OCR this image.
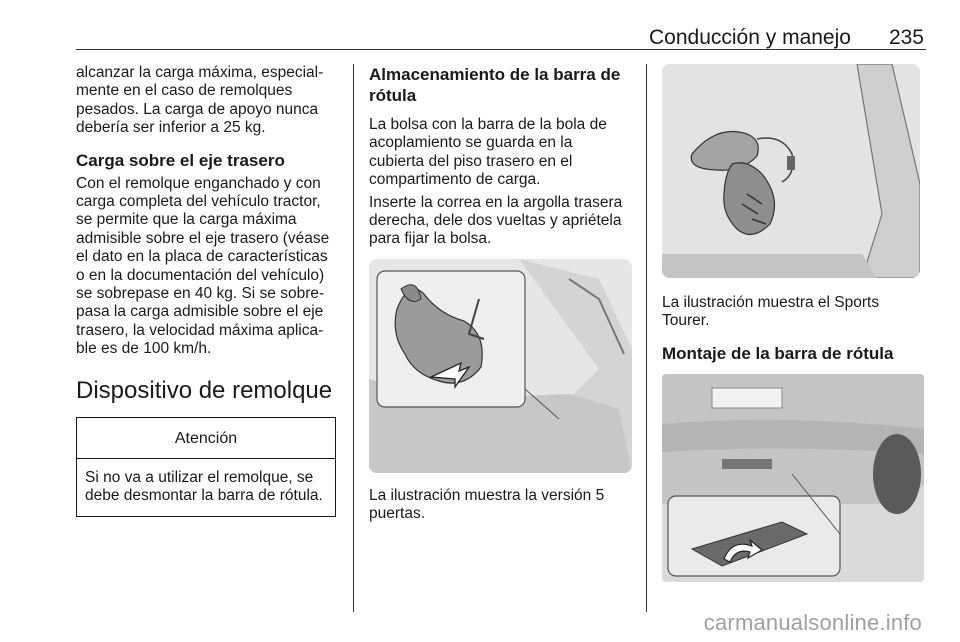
Conducción y manejo 235

alcanzar la carga máxima, especial-
mente en el caso de remolques
pesados. La carga de apoyo nunca
debería ser inferior a 25 kg.

Carga sobre el eje trasero

Con el remolque enganchado y con
carga completa del vehículo tractor,
se permite que la carga máxima
admisible sobre el eje trasero (véase
el dato en la placa de características
o en la documentación del vehículo)
se sobrepase en 40 kg. Si se sobre-
pasa la carga admisible sobre el eje
trasero, la velocidad máxima aplica-
ble es de 100 km/h.

Dispositivo de remolque
Atención

Si no va a utilizar el remolque, se
debe desmontar la barra de rótula.

Almacenamiento de la barra de
rótula

La bolsa con la barra de la bola de
acoplamiento se guarda en la
cubierta del piso trasero en el
compartimento de carga.

Inserte la correa en la argolla trasera
derecha, dele dos vueltas y apriétela
para fijar la bolsa.

La ilustración muestra la versión 5
puertas.

La ilustración muestra el Sports
Tourer.

Montaje de la barra de rótula
carmanualsonline.info
